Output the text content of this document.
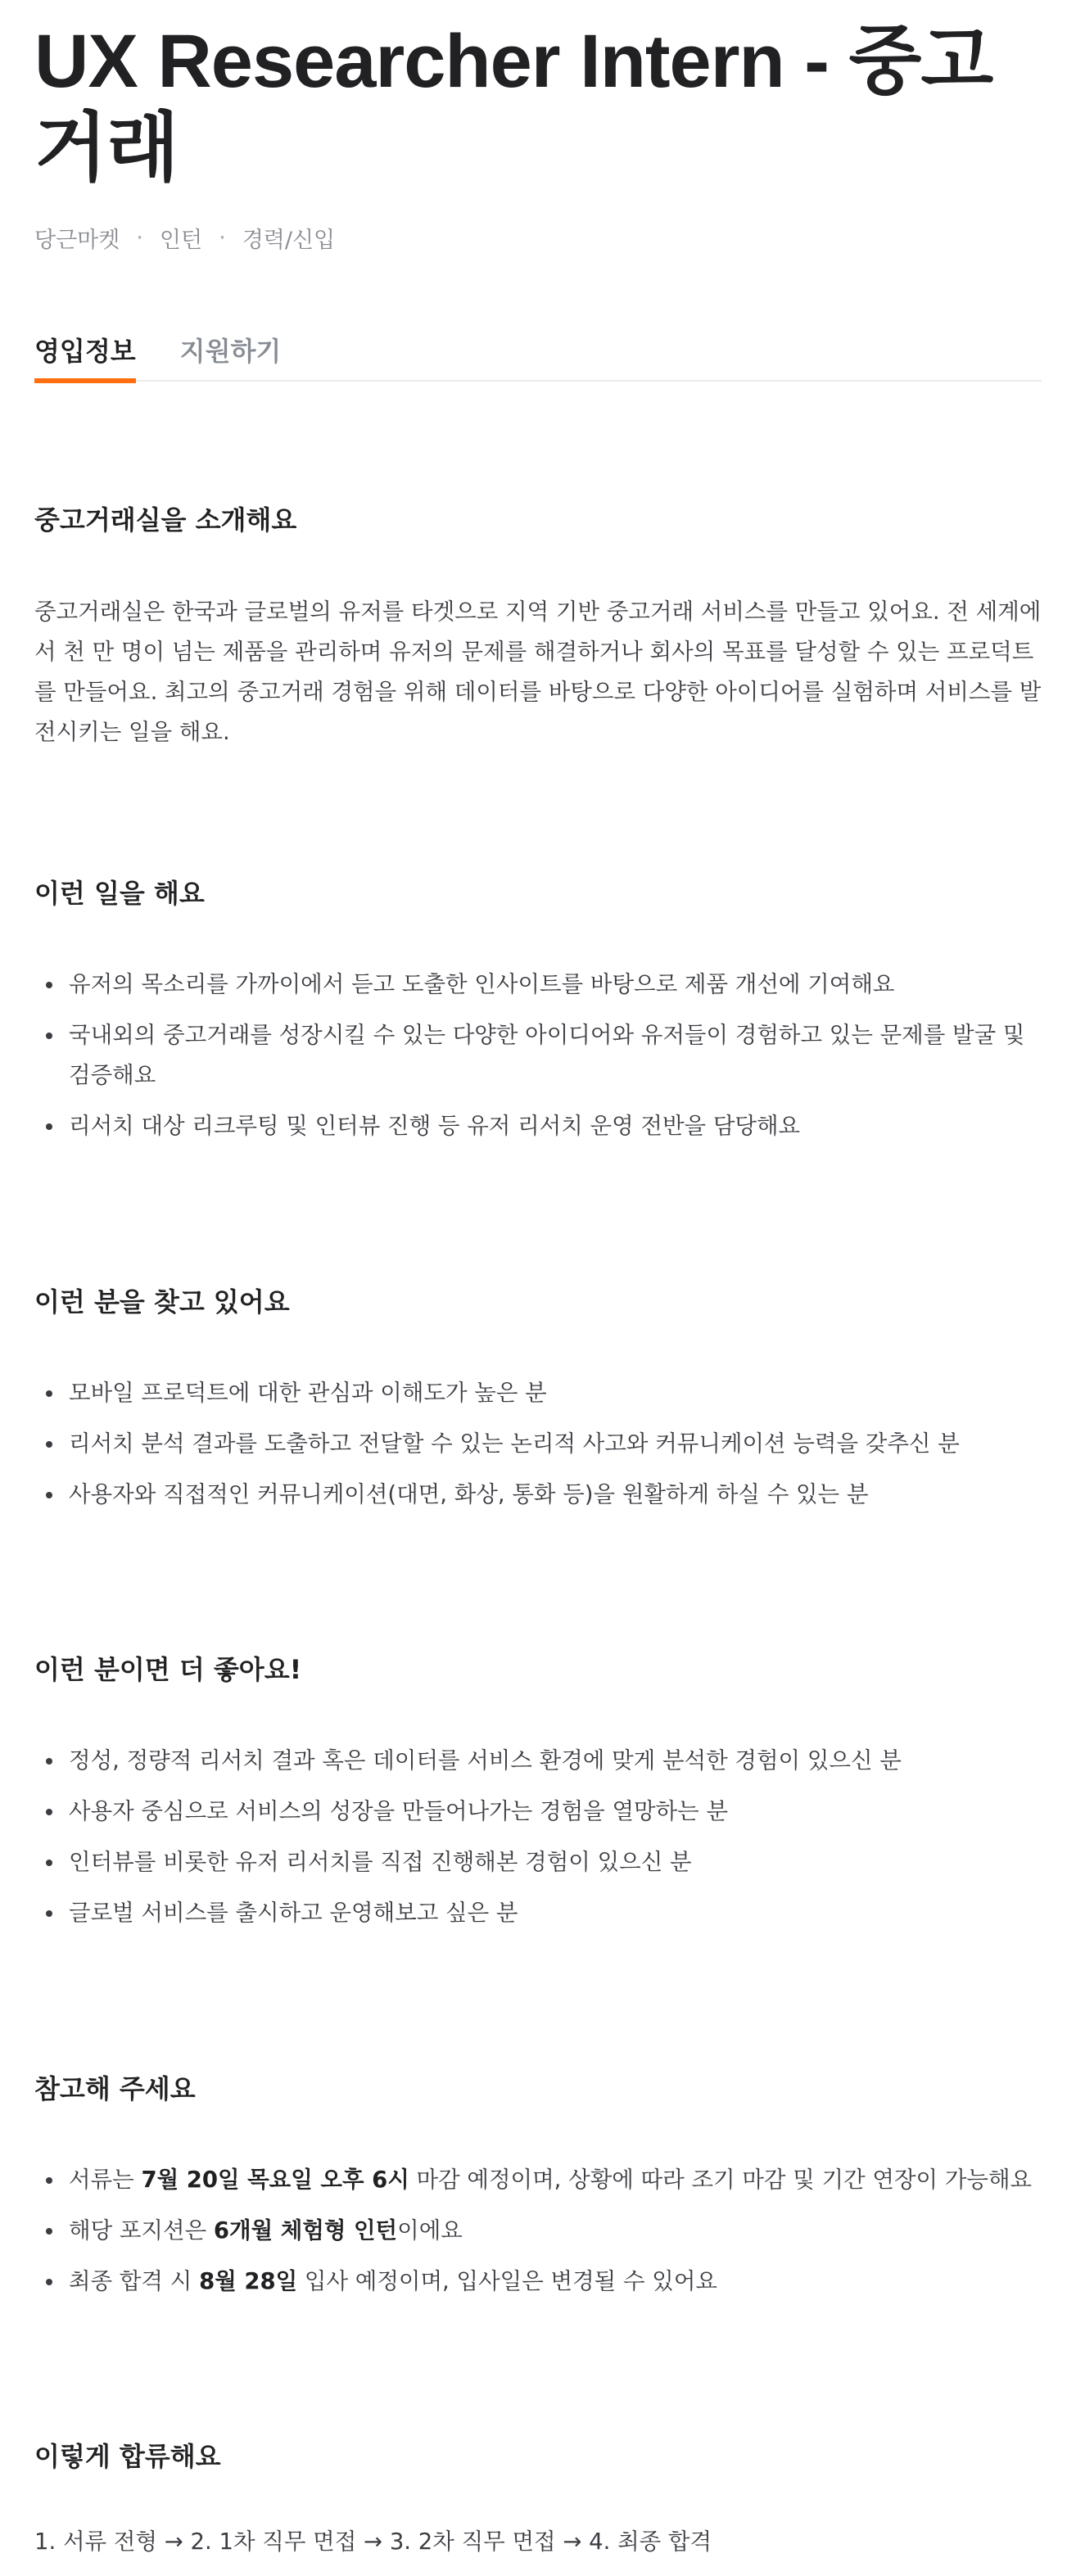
UX Researcher Intern - 중고거래
당근마켓 · 인턴 · 경력/신입
영입정보 지원하기
중고거래실을 소개해요

중고거래실은 한국과 글로벌의 유저를 타겟으로 지역 기반 중고거래 서비스를 만들고 있어요. 전 세계에서 천 만 명이 넘는 제품을 관리하며 유저의 문제를 해결하거나 회사의 목표를 달성할 수 있는 프로덕트를 만들어요. 최고의 중고거래 경험을 위해 데이터를 바탕으로 다양한 아이디어를 실험하며 서비스를 발전시키는 일을 해요.

이런 일을 해요
유저의 목소리를 가까이에서 듣고 도출한 인사이트를 바탕으로 제품 개선에 기여해요
국내외의 중고거래를 성장시킬 수 있는 다양한 아이디어와 유저들이 경험하고 있는 문제를 발굴 및 검증해요
리서치 대상 리크루팅 및 인터뷰 진행 등 유저 리서치 운영 전반을 담당해요
이런 분을 찾고 있어요
모바일 프로덕트에 대한 관심과 이해도가 높은 분
리서치 분석 결과를 도출하고 전달할 수 있는 논리적 사고와 커뮤니케이션 능력을 갖추신 분
사용자와 직접적인 커뮤니케이션(대면, 화상, 통화 등)을 원활하게 하실 수 있는 분
이런 분이면 더 좋아요!
정성, 정량적 리서치 결과 혹은 데이터를 서비스 환경에 맞게 분석한 경험이 있으신 분
사용자 중심으로 서비스의 성장을 만들어나가는 경험을 열망하는 분
인터뷰를 비롯한 유저 리서치를 직접 진행해본 경험이 있으신 분
글로벌 서비스를 출시하고 운영해보고 싶은 분
참고해 주세요
서류는 7월 20일 목요일 오후 6시 마감 예정이며, 상황에 따라 조기 마감 및 기간 연장이 가능해요
해당 포지션은 6개월 체험형 인턴이에요
최종 합격 시 8월 28일 입사 예정이며, 입사일은 변경될 수 있어요
이렇게 합류해요

1. 서류 전형 → 2. 1차 직무 면접 → 3. 2차 직무 면접 → 4. 최종 합격
